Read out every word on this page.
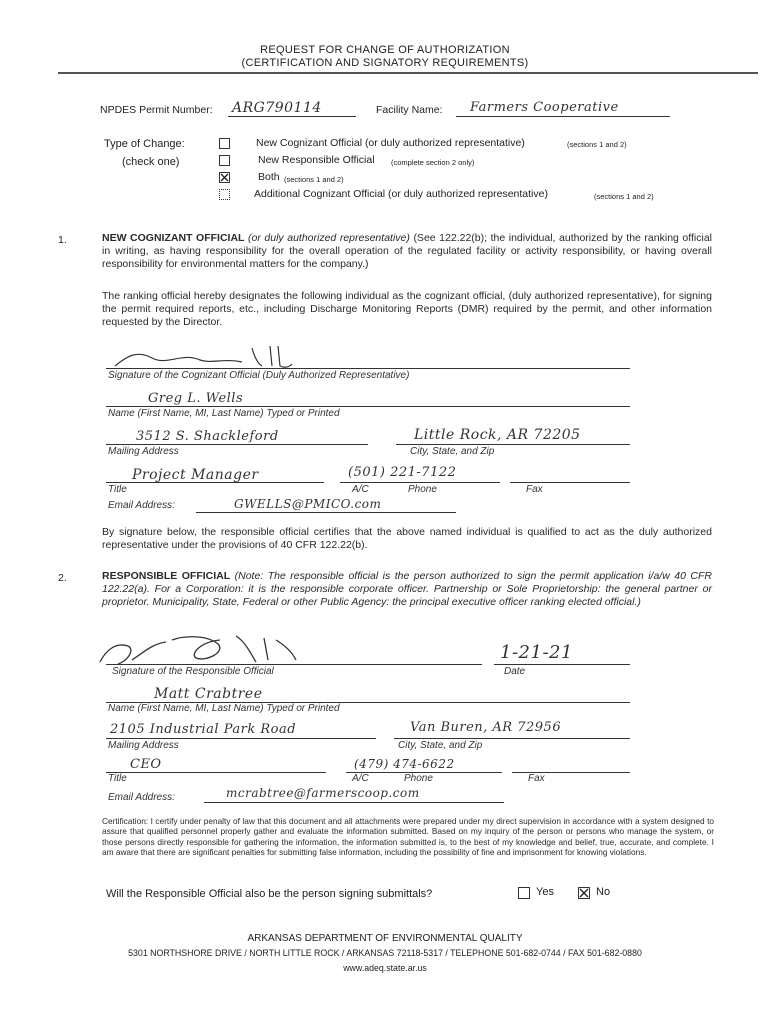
REQUEST FOR CHANGE OF AUTHORIZATION
(CERTIFICATION AND SIGNATORY REQUIREMENTS)
NPDES Permit Number: ARG790114	Facility Name: Farmers Cooperative
Type of Change:
(check one)
New Cognizant Official (or duly authorized representative)	(sections 1 and 2)
New Responsible Official (complete section 2 only)
Both (sections 1 and 2)
Additional Cognizant Official (or duly authorized representative)	(sections 1 and 2)
1.	NEW COGNIZANT OFFICIAL (or duly authorized representative) (See 122.22(b); the individual, authorized by the ranking official in writing, as having responsibility for the overall operation of the regulated facility or activity responsibility, or having overall responsibility for environmental matters for the company.)
The ranking official hereby designates the following individual as the cognizant official, (duly authorized representative), for signing the permit required reports, etc., including Discharge Monitoring Reports (DMR) required by the permit, and other information requested by the Director.
Signature of the Cognizant Official (Duly Authorized Representative)
Greg L. Wells
Name (First Name, MI, Last Name) Typed or Printed
3512 S. Shackleford
Mailing Address
Little Rock, AR 72205
City, State, and Zip
Project Manager
Title
(501) 221-7122
A/C	Phone	Fax
Email Address:	GWELLS@PMICO.com
By signature below, the responsible official certifies that the above named individual is qualified to act as the duly authorized representative under the provisions of 40 CFR 122.22(b).
2.	RESPONSIBLE OFFICIAL (Note: The responsible official is the person authorized to sign the permit application i/a/w 40 CFR 122.22(a). For a Corporation: it is the responsible corporate officer. Partnership or Sole Proprietorship: the general partner or proprietor. Municipality, State, Federal or other Public Agency: the principal executive officer ranking elected official.)
Signature of the Responsible Official
1-21-21
Date
Matt Crabtree
Name (First Name, MI, Last Name) Typed or Printed
2105 Industrial Park Road
Mailing Address
Van Buren, AR 72956
City, State, and Zip
CEO
Title
(479) 474-6622
A/C	Phone	Fax
Email Address:	mcrabtree@farmerscoop.com
Certification: I certify under penalty of law that this document and all attachments were prepared under my direct supervision in accordance with a system designed to assure that qualified personnel properly gather and evaluate the information submitted. Based on my inquiry of the person or persons who manage the system, or those persons directly responsible for gathering the information, the information submitted is, to the best of my knowledge and belief, true, accurate, and complete. I am aware that there are significant penalties for submitting false information, including the possibility of fine and imprisonment for knowing violations.
Will the Responsible Official also be the person signing submittals?	Yes	No
ARKANSAS DEPARTMENT OF ENVIRONMENTAL QUALITY
5301 NORTHSHORE DRIVE / NORTH LITTLE ROCK / ARKANSAS 72118-5317 / TELEPHONE 501-682-0744 / FAX 501-682-0880
www.adeq.state.ar.us
